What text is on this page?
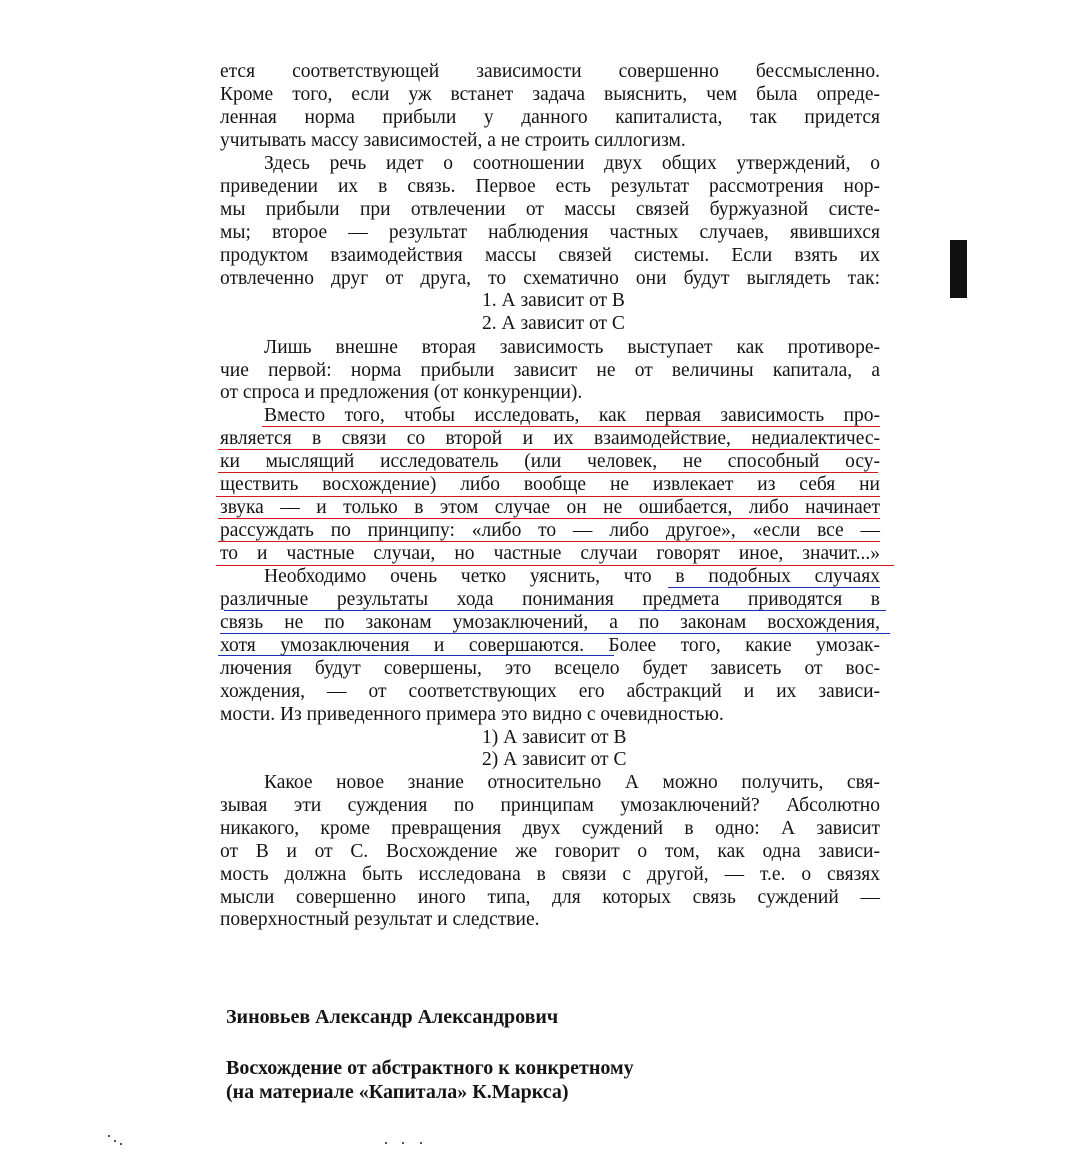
ется соответствующей зависимости совершенно бессмысленно.
Кроме того, если уж встанет задача выяснить, чем была опреде-
ленная норма прибыли у данного капиталиста, так придется
учитывать массу зависимостей, а не строить силлогизм.
Здесь речь идет о соотношении двух общих утверждений, о
приведении их в связь. Первое есть результат рассмотрения нор-
мы прибыли при отвлечении от массы связей буржуазной систе-
мы; второе — результат наблюдения частных случаев, явившихся
продуктом взаимодействия массы связей системы. Если взять их
отвлеченно друг от друга, то схематично они будут выглядеть так:
1. А зависит от В
2. А зависит от С
Лишь внешне вторая зависимость выступает как противоре-
чие первой: норма прибыли зависит не от величины капитала, а
от спроса и предложения (от конкуренции).
Вместо того, чтобы исследовать, как первая зависимость про-
является в связи со второй и их взаимодействие, недиалектичес-
ки мыслящий исследователь (или человек, не способный осу-
ществить восхождение) либо вообще не извлекает из себя ни
звука — и только в этом случае он не ошибается, либо начинает
рассуждать по принципу: «либо то — либо другое», «если все —
то и частные случаи, но частные случаи говорят иное, значит...»
Необходимо очень четко уяснить, что в подобных случаях
различные результаты хода понимания предмета приводятся в
связь не по законам умозаключений, а по законам восхождения,
хотя умозаключения и совершаются. Более того, какие умозак-
лючения будут совершены, это всецело будет зависеть от вос-
хождения, — от соответствующих его абстракций и их зависи-
мости. Из приведенного примера это видно с очевидностью.
1) А зависит от В
2) А зависит от С
Какое новое знание относительно А можно получить, свя-
зывая эти суждения по принципам умозаключений? Абсолютно
никакого, кроме превращения двух суждений в одно: А зависит
от В и от С. Восхождение же говорит о том, как одна зависи-
мость должна быть исследована в связи с другой, — т.е. о связях
мысли совершенно иного типа, для которых связь суждений —
поверхностный результат и следствие.
Зиновьев Александр Александрович
Восхождение от абстрактного к конкретному
(на материале «Капитала» К.Маркса)
